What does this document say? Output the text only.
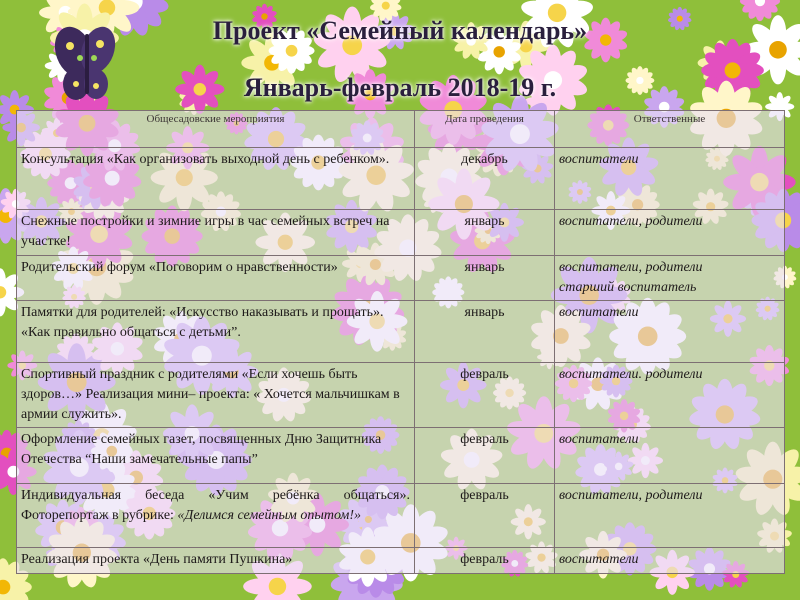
Проект «Семейный календарь»
Январь-февраль 2018-19 г.
Общесадовские мероприятия	Дата проведения	Ответственные
Консультация «Как организовать выходной день с ребенком».	декабрь	воспитатели

Снежные постройки и зимние игры в час семейных встреч на участке!	январь	воспитатели, родители

Родительский форум «Поговорим о нравственности»	январь	воспитатели, родители
старший воспитатель

Памятки для родителей: «Искусство наказывать и прощать». «Как правильно общаться с детьми”.	январь	воспитатели

Спортивный праздник с родителями «Если хочешь быть здоров…» Реализация мини– проекта: « Хочется мальчишкам в армии служить».	февраль	воспитатели. родители

Оформление семейных газет, посвященных Дню Защитника Отечества “Наши замечательные папы”	февраль	воспитатели

Индивидуальная беседа «Учим ребёнка общаться». Фоторепортаж в рубрике: «Делимся семейным опытом!»	февраль	воспитатели, родители

Реализация проекта «День памяти Пушкина»	февраль	воспитатели
